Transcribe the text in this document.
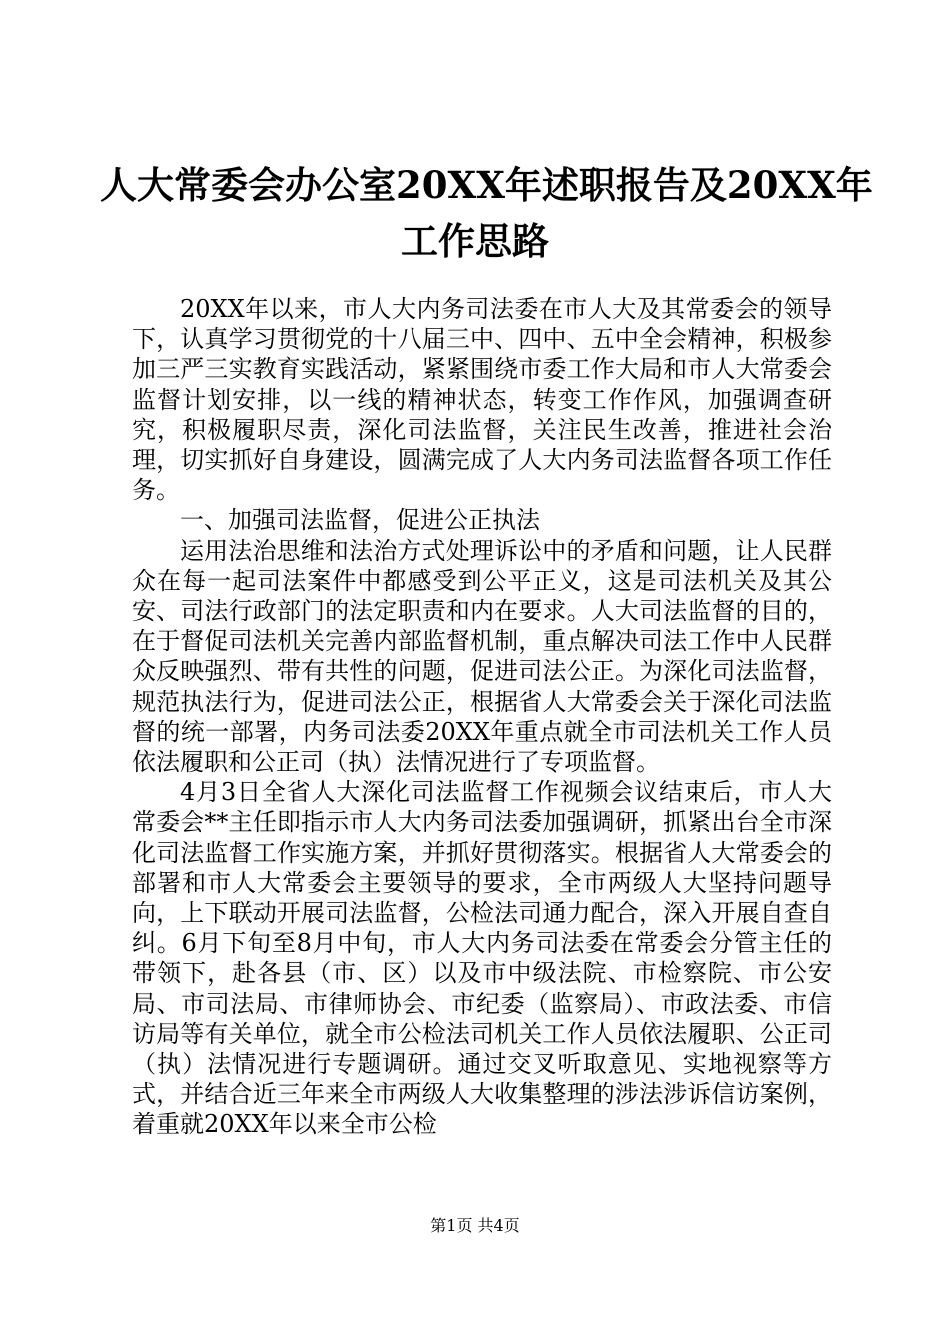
人大常委会办公室20XX年述职报告及20XX年
工作思路

20XX年以来，市人大内务司法委在市人大及其常委会的领导下，认真学习贯彻党的十八届三中、四中、五中全会精神，积极参加三严三实教育实践活动，紧紧围绕市委工作大局和市人大常委会监督计划安排，以一线的精神状态，转变工作作风，加强调查研究，积极履职尽责，深化司法监督，关注民生改善，推进社会治理，切实抓好自身建设，圆满完成了人大内务司法监督各项工作任务。

一、加强司法监督，促进公正执法

运用法治思维和法治方式处理诉讼中的矛盾和问题，让人民群众在每一起司法案件中都感受到公平正义，这是司法机关及其公安、司法行政部门的法定职责和内在要求。人大司法监督的目的，在于督促司法机关完善内部监督机制，重点解决司法工作中人民群众反映强烈、带有共性的问题，促进司法公正。为深化司法监督，规范执法行为，促进司法公正，根据省人大常委会关于深化司法监督的统一部署，内务司法委20XX年重点就全市司法机关工作人员依法履职和公正司（执）法情况进行了专项监督。

4月3日全省人大深化司法监督工作视频会议结束后，市人大常委会**主任即指示市人大内务司法委加强调研，抓紧出台全市深化司法监督工作实施方案，并抓好贯彻落实。根据省人大常委会的部署和市人大常委会主要领导的要求，全市两级人大坚持问题导向，上下联动开展司法监督，公检法司通力配合，深入开展自查自纠。6月下旬至8月中旬，市人大内务司法委在常委会分管主任的带领下，赴各县（市、区）以及市中级法院、市检察院、市公安局、市司法局、市律师协会、市纪委（监察局）、市政法委、市信访局等有关单位，就全市公检法司机关工作人员依法履职、公正司（执）法情况进行专题调研。通过交叉听取意见、实地视察等方式，并结合近三年来全市两级人大收集整理的涉法涉诉信访案例，着重就20XX年以来全市公检

第1页 共4页
